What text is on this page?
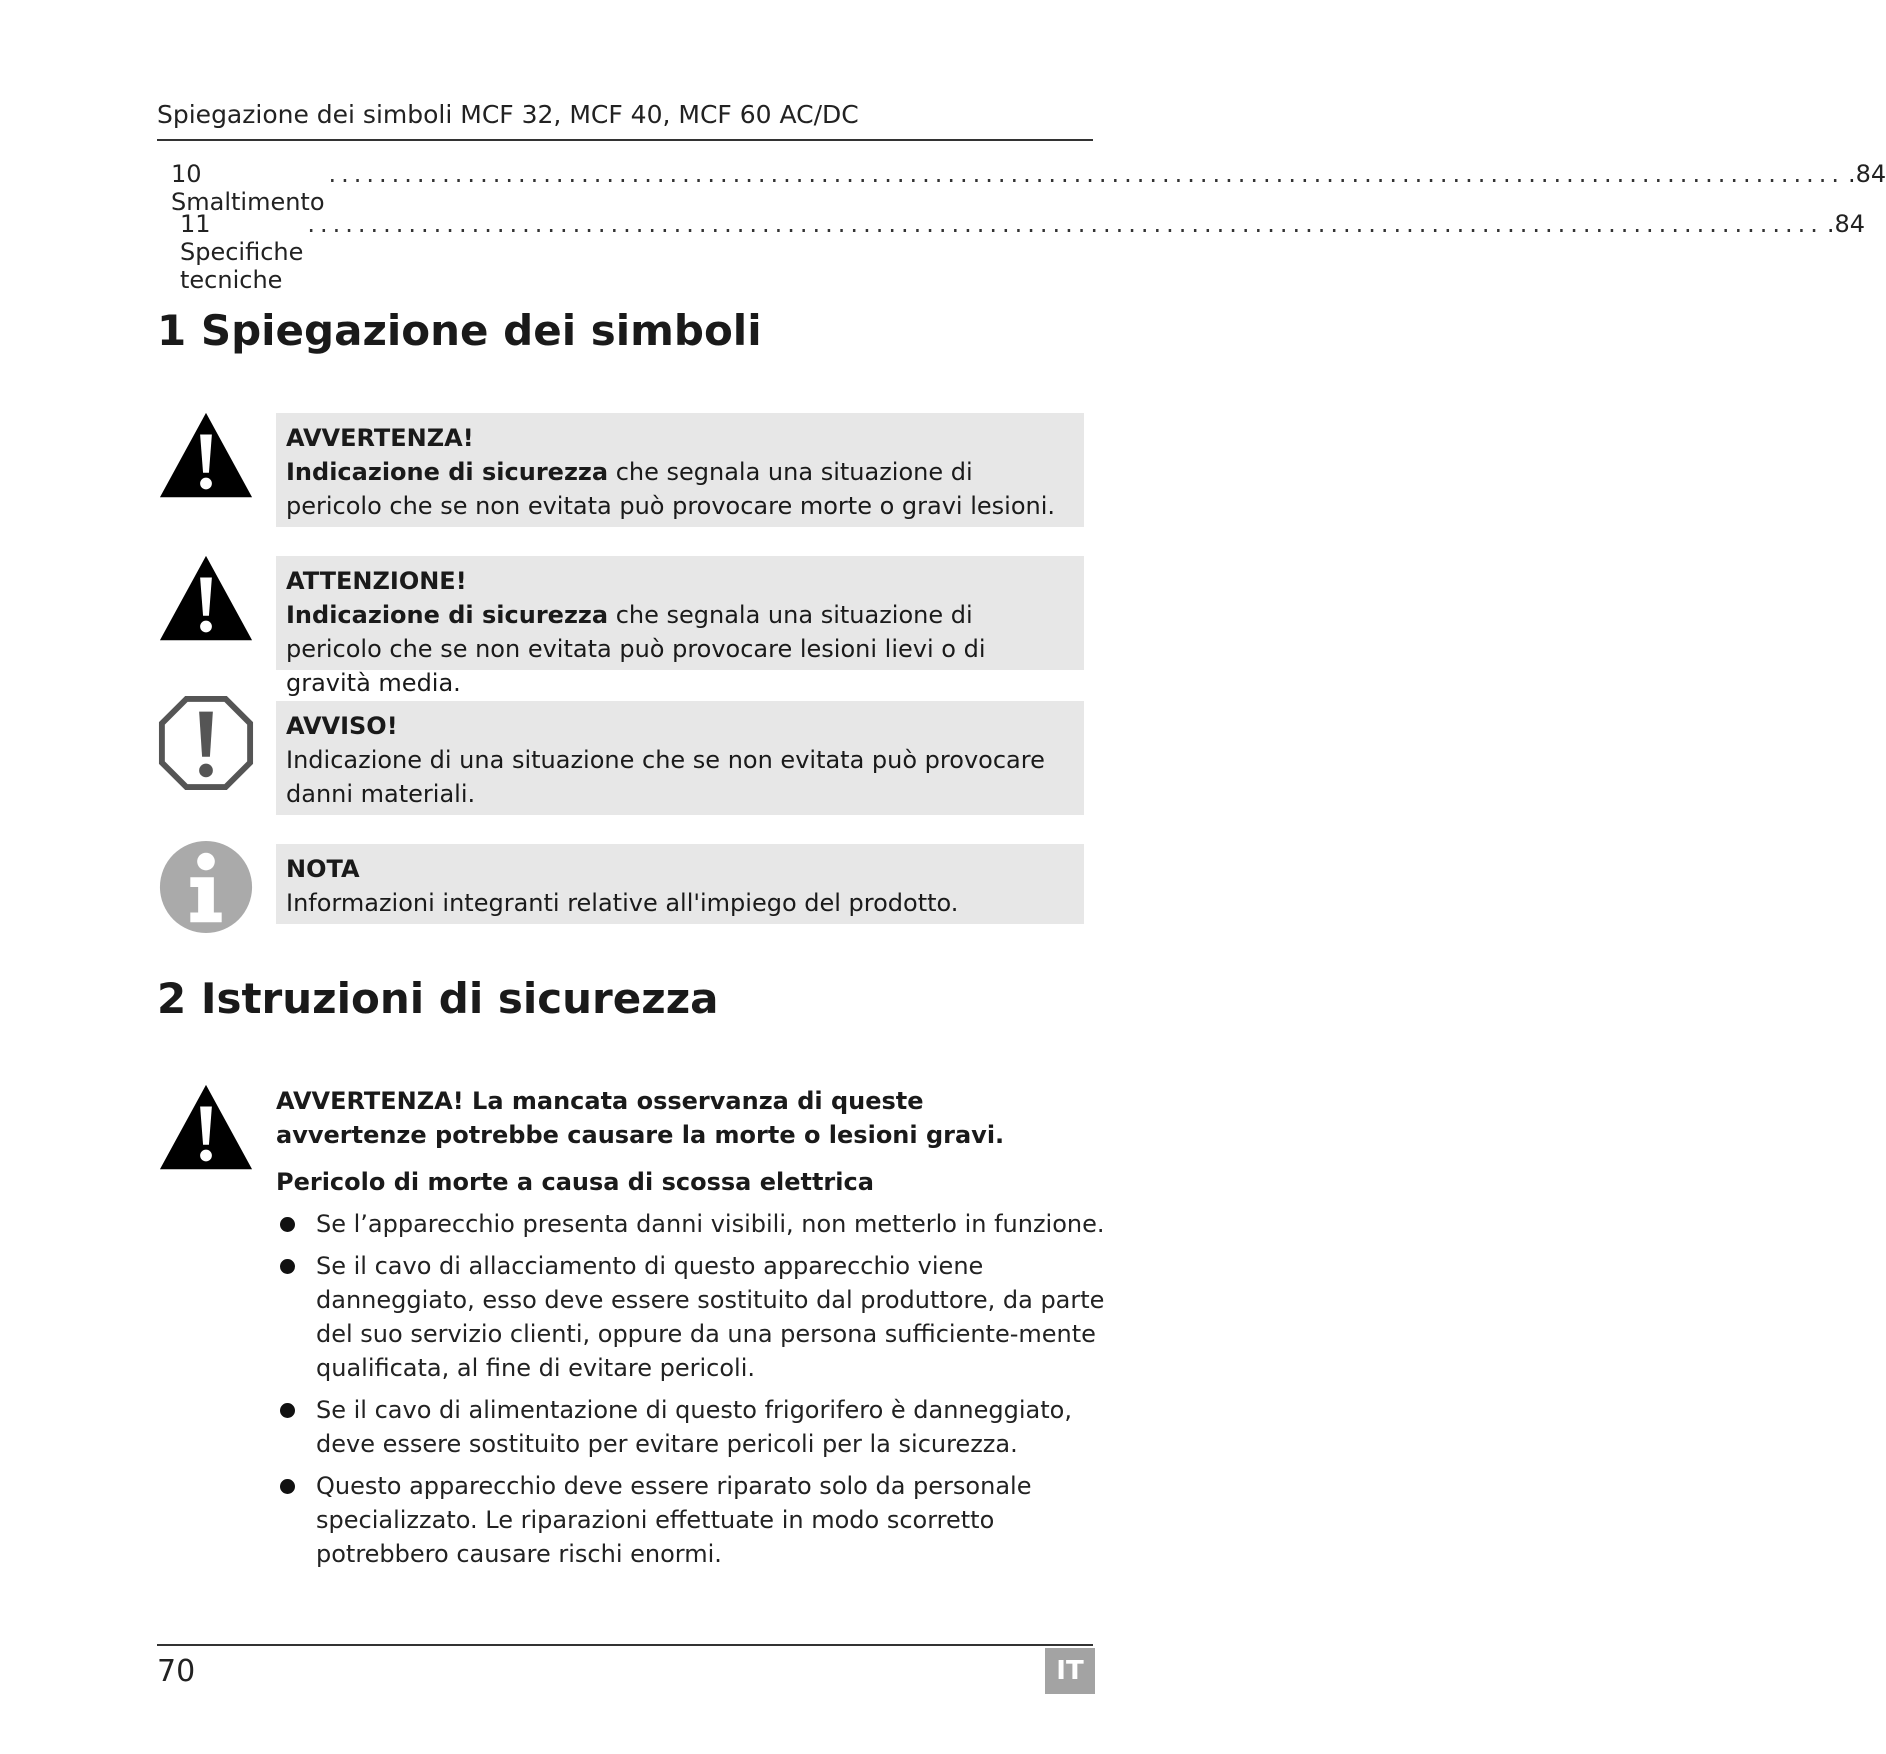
Spiegazione dei simboli MCF 32, MCF 40, MCF 60 AC/DC
10 Smaltimento
........................................................................................................................ .84
11 Specifiche tecniche
........................................................................................................................ .84
1 Spiegazione dei simboli
AVVERTENZA!
Indicazione di sicurezza che segnala una situazione di pericolo che se non evitata può provocare morte o gravi lesioni.
ATTENZIONE!
Indicazione di sicurezza che segnala una situazione di pericolo che se non evitata può provocare lesioni lievi o di gravità media.
AVVISO!
Indicazione di una situazione che se non evitata può provocare danni materiali.
NOTA
Informazioni integranti relative all'impiego del prodotto.
2 Istruzioni di sicurezza
AVVERTENZA! La mancata osservanza di queste avvertenze potrebbe causare la morte o lesioni gravi.
Pericolo di morte a causa di scossa elettrica
Se l’apparecchio presenta danni visibili, non metterlo in funzione.
Se il cavo di allacciamento di questo apparecchio viene danneggiato, esso deve essere sostituito dal produttore, da parte del suo servizio clienti, oppure da una persona sufficiente-mente qualificata, al fine di evitare pericoli.
Se il cavo di alimentazione di questo frigorifero è danneggiato, deve essere sostituito per evitare pericoli per la sicurezza.
Questo apparecchio deve essere riparato solo da personale specializzato. Le riparazioni effettuate in modo scorretto potrebbero causare rischi enormi.
70	IT
